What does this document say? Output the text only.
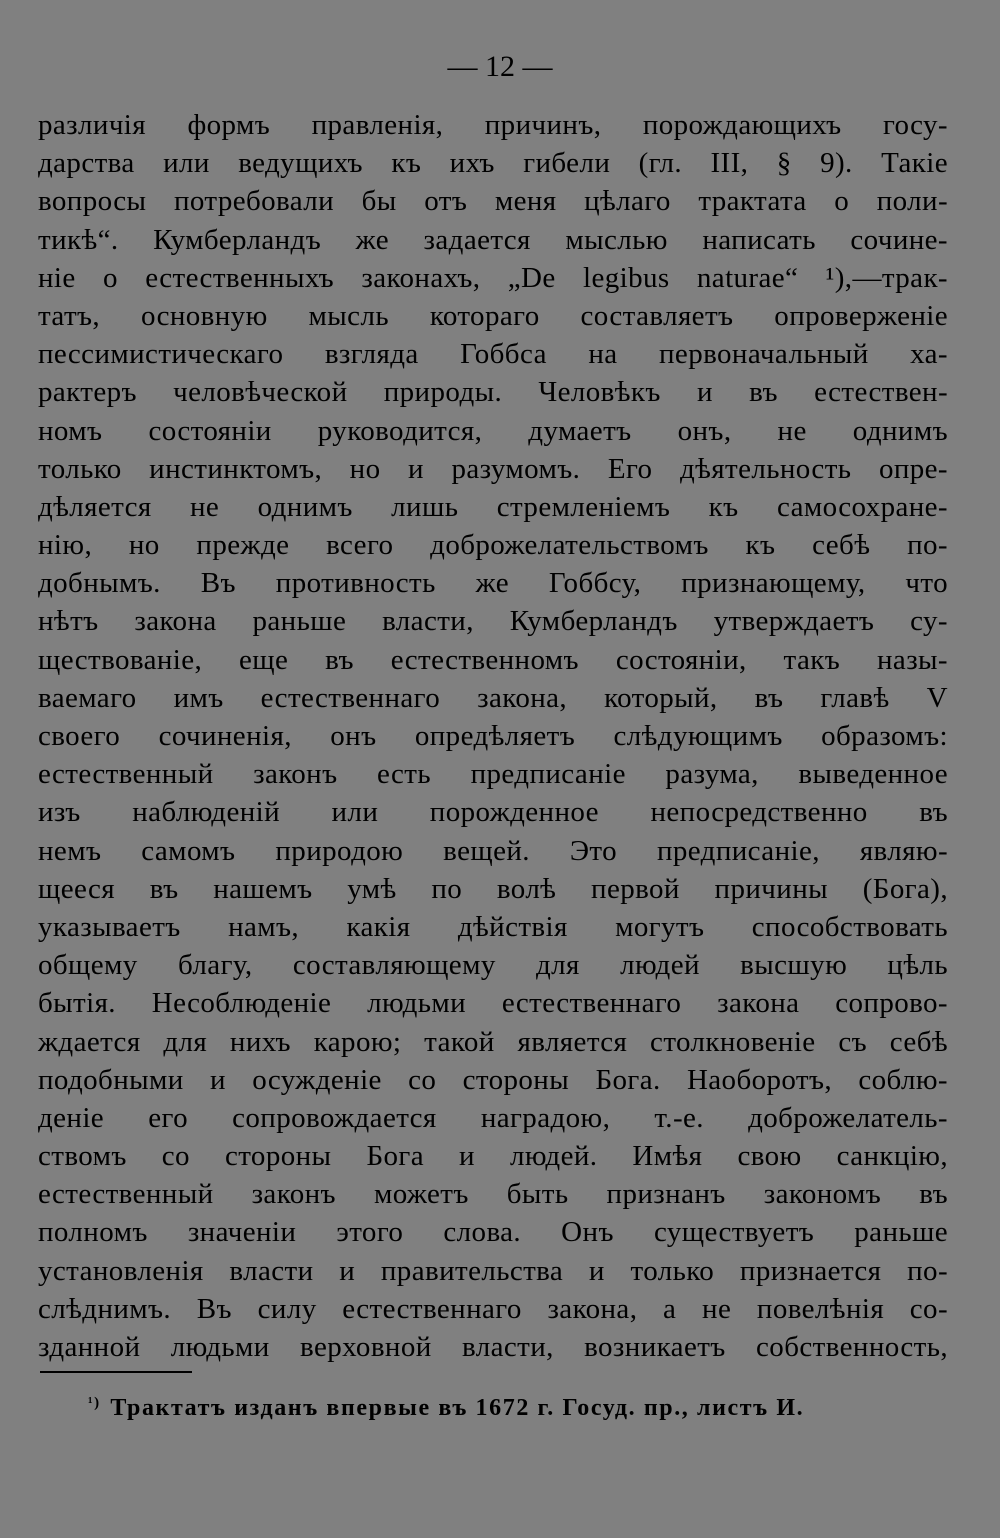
— 12 —
различія формъ правленія, причинъ, порождающихъ госу-
дарства или ведущихъ къ ихъ гибели (гл. III, § 9). Такіе
вопросы потребовали бы отъ меня цѣлаго трактата о поли-
тикѣ“. Кумберландъ же задается мыслью написать сочине-
ніе о естественныхъ законахъ, „De legibus naturae“ ¹),—трак-
татъ, основную мысль котораго составляетъ опроверженіе
пессимистическаго взгляда Гоббса на первоначальный ха-
рактеръ человѣческой природы. Человѣкъ и въ естествен-
номъ состояніи руководится, думаетъ онъ, не однимъ
только инстинктомъ, но и разумомъ. Его дѣятельность опре-
дѣляется не однимъ лишь стремленіемъ къ самосохране-
нію, но прежде всего доброжелательствомъ къ себѣ по-
добнымъ. Въ противность же Гоббсу, признающему, что
нѣтъ закона раньше власти, Кумберландъ утверждаетъ су-
ществованіе, еще въ естественномъ состояніи, такъ назы-
ваемаго имъ естественнаго закона, который, въ главѣ V
своего сочиненія, онъ опредѣляетъ слѣдующимъ образомъ:
естественный законъ есть предписаніе разума, выведенное
изъ наблюденій или порожденное непосредственно въ
немъ самомъ природою вещей. Это предписаніе, являю-
щееся въ нашемъ умѣ по волѣ первой причины (Бога),
указываетъ намъ, какія дѣйствія могутъ способствовать
общему благу, составляющему для людей высшую цѣль
бытія. Несоблюденіе людьми естественнаго закона сопрово-
ждается для нихъ карою; такой является столкновеніе съ себѣ
подобными и осужденіе со стороны Бога. Наоборотъ, соблю-
деніе его сопровождается наградою, т.-е. доброжелатель-
ствомъ со стороны Бога и людей. Имѣя свою санкцію,
естественный законъ можетъ быть признанъ закономъ въ
полномъ значеніи этого слова. Онъ существуетъ раньше
установленія власти и правительства и только признается по-
слѣднимъ. Въ силу естественнаго закона, а не повелѣнія со-
зданной людьми верховной власти, возникаетъ собственность,
$^{^1)}$ Трактатъ изданъ впервые въ 1672 г. Госуд. пр., листъ И.
